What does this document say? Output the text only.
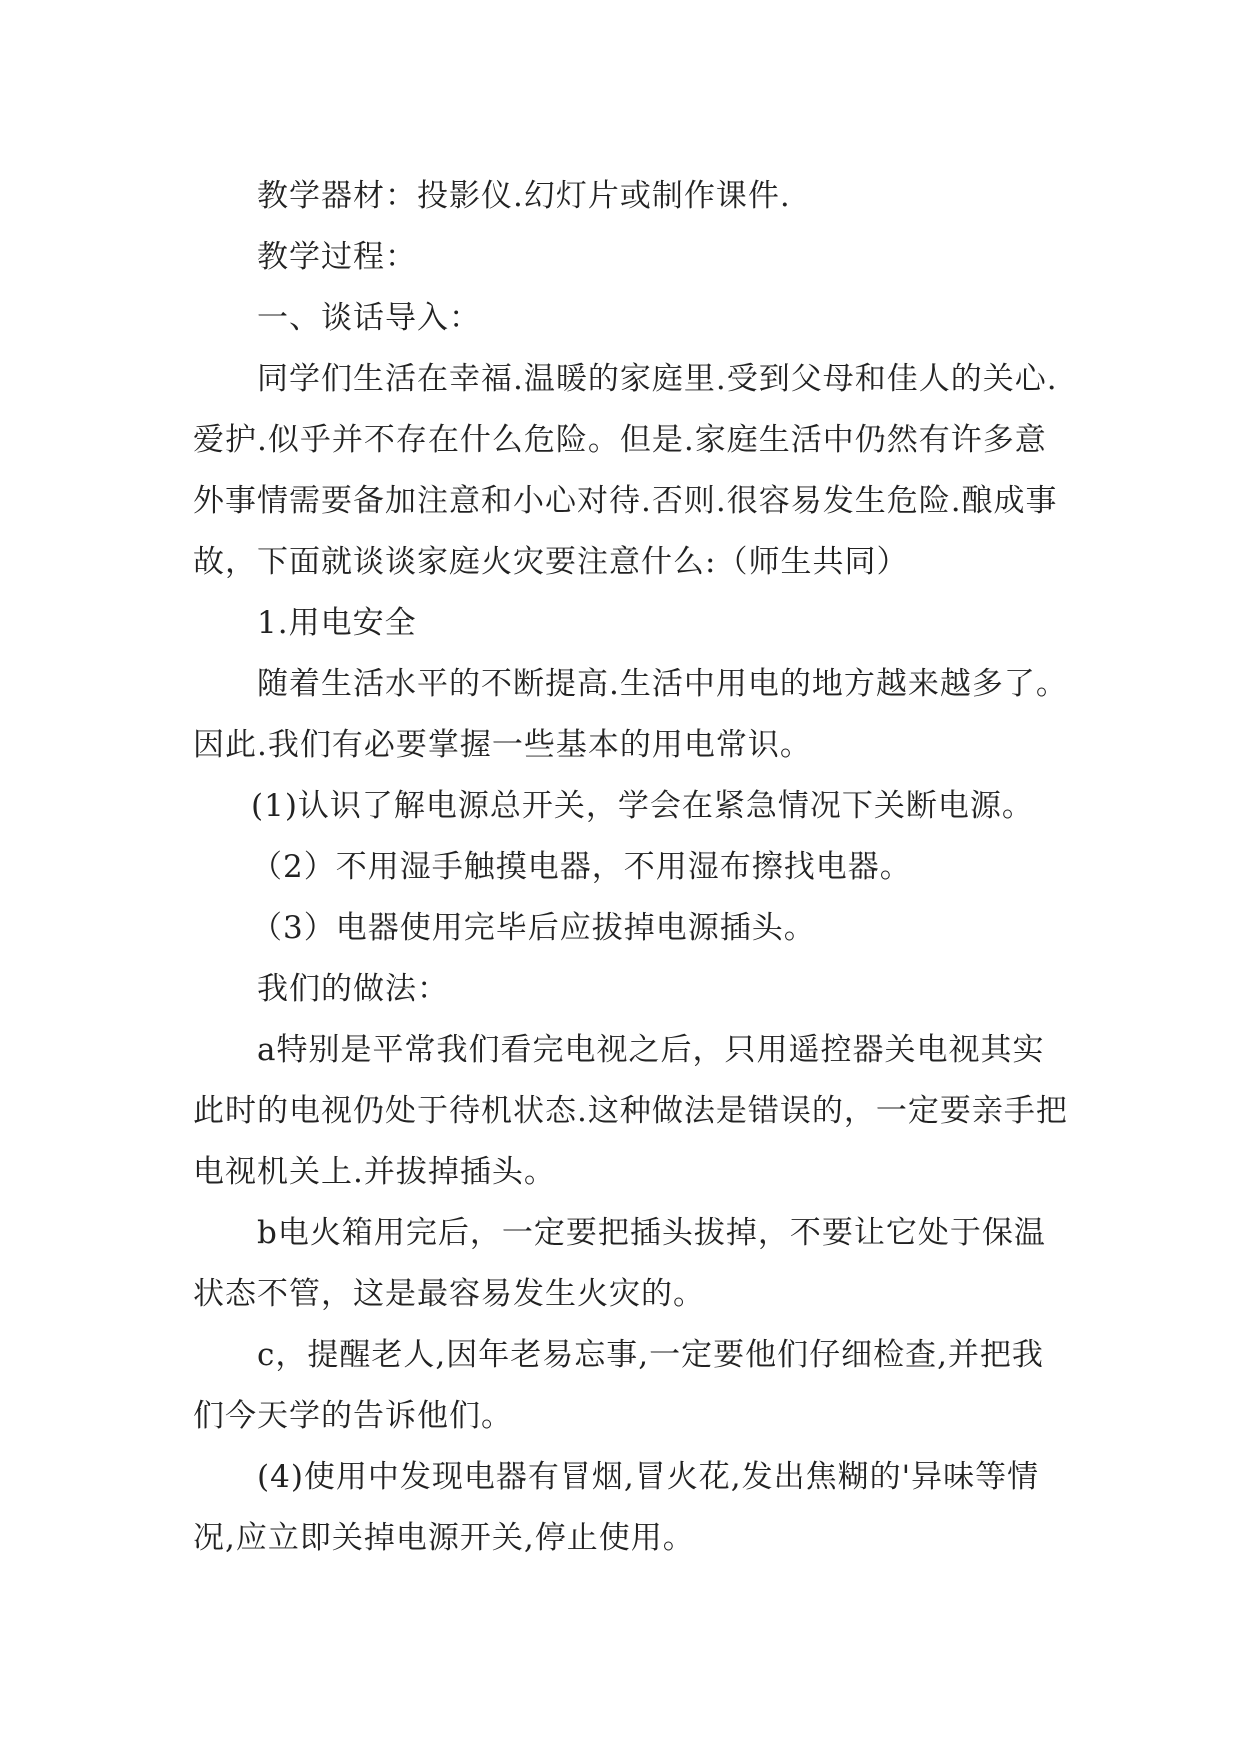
教学器材：投影仪.幻灯片或制作课件.

教学过程：

一、谈话导入：

同学们生活在幸福.温暖的家庭里.受到父母和佳人的关心.爱护.似乎并不存在什么危险。但是.家庭生活中仍然有许多意外事情需要备加注意和小心对待.否则.很容易发生危险.酿成事故，下面就谈谈家庭火灾要注意什么:（师生共同）

1.用电安全

随着生活水平的不断提高.生活中用电的地方越来越多了。因此.我们有必要掌握一些基本的用电常识。

(1)认识了解电源总开关，学会在紧急情况下关断电源。

（2）不用湿手触摸电器，不用湿布擦找电器。

（3）电器使用完毕后应拔掉电源插头。

我们的做法：

a特别是平常我们看完电视之后，只用遥控器关电视其实此时的电视仍处于待机状态.这种做法是错误的，一定要亲手把电视机关上.并拔掉插头。

b电火箱用完后，一定要把插头拔掉，不要让它处于保温状态不管，这是最容易发生火灾的。

c，提醒老人,因年老易忘事,一定要他们仔细检查,并把我们今天学的告诉他们。

(4)使用中发现电器有冒烟,冒火花,发出焦糊的'异味等情况,应立即关掉电源开关,停止使用。
